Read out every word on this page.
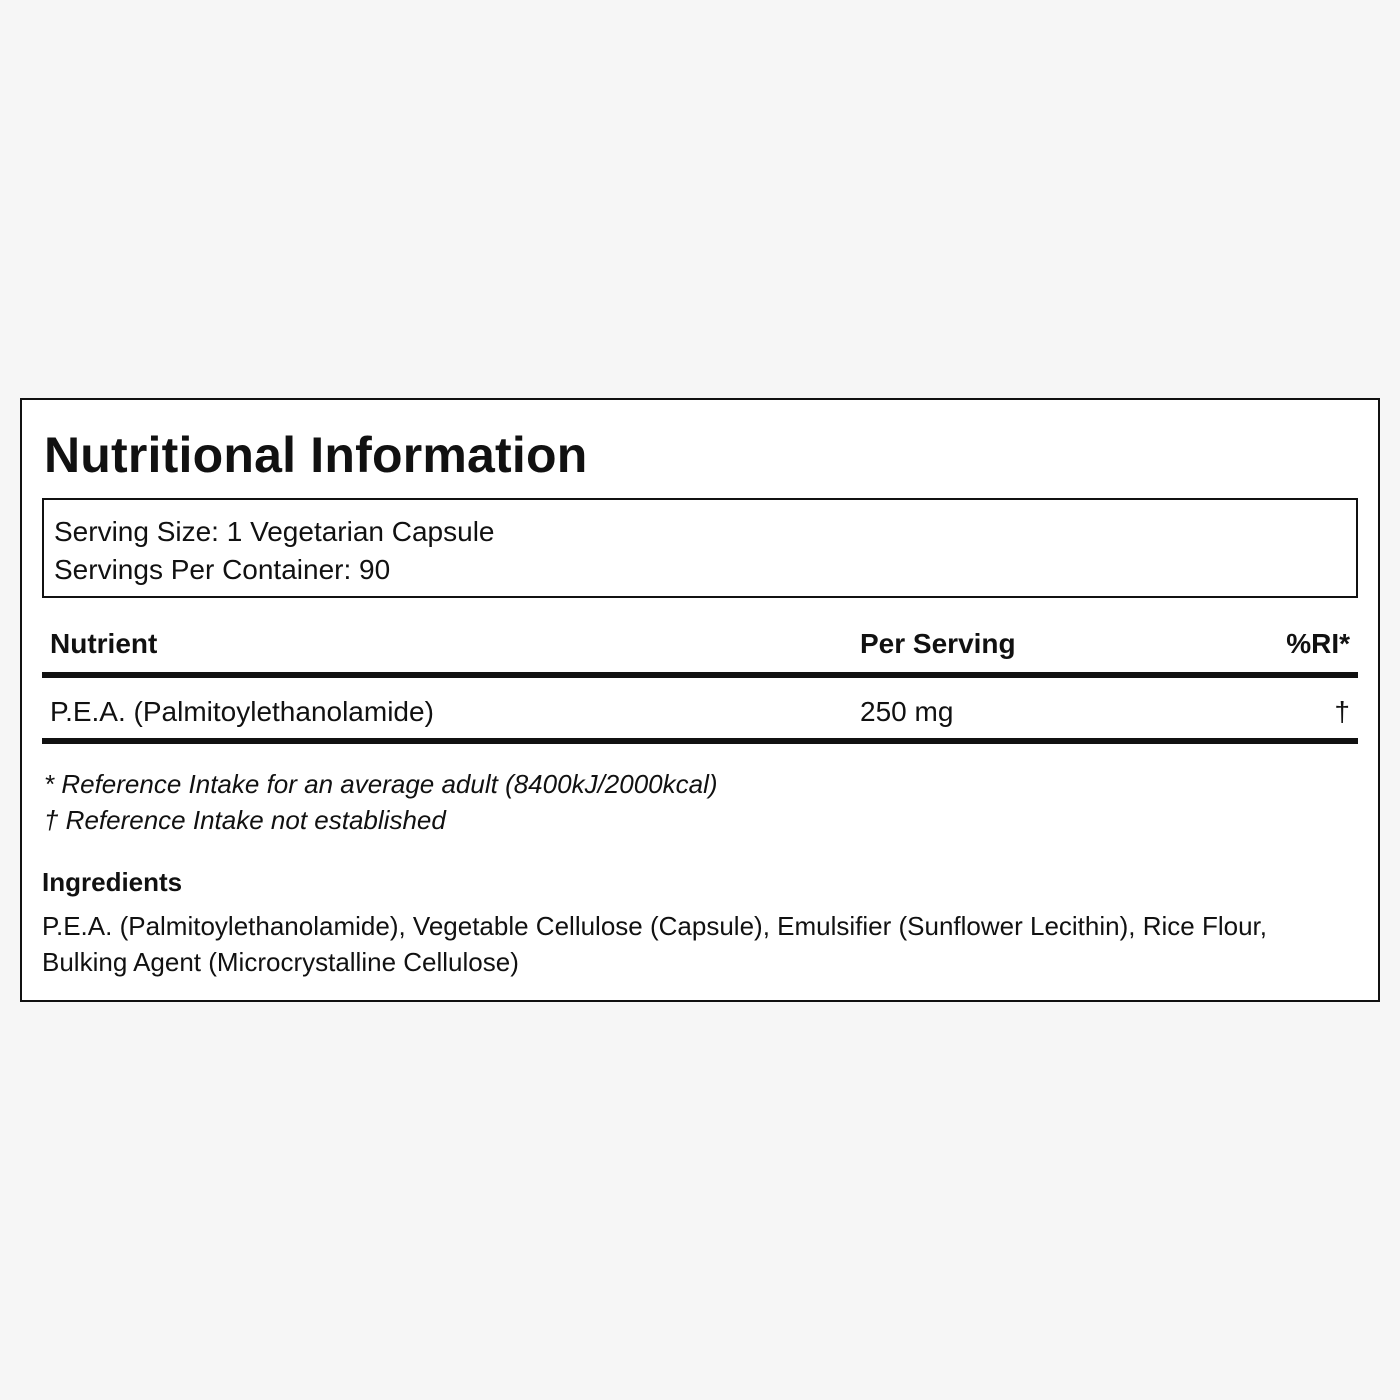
Nutritional Information
Serving Size: 1 Vegetarian Capsule
Servings Per Container: 90
Nutrient	Per Serving	%RI*
P.E.A. (Palmitoylethanolamide)	250 mg	†
* Reference Intake for an average adult (8400kJ/2000kcal)
† Reference Intake not established
Ingredients
P.E.A. (Palmitoylethanolamide), Vegetable Cellulose (Capsule), Emulsifier (Sunflower Lecithin), Rice Flour, Bulking Agent (Microcrystalline Cellulose)
